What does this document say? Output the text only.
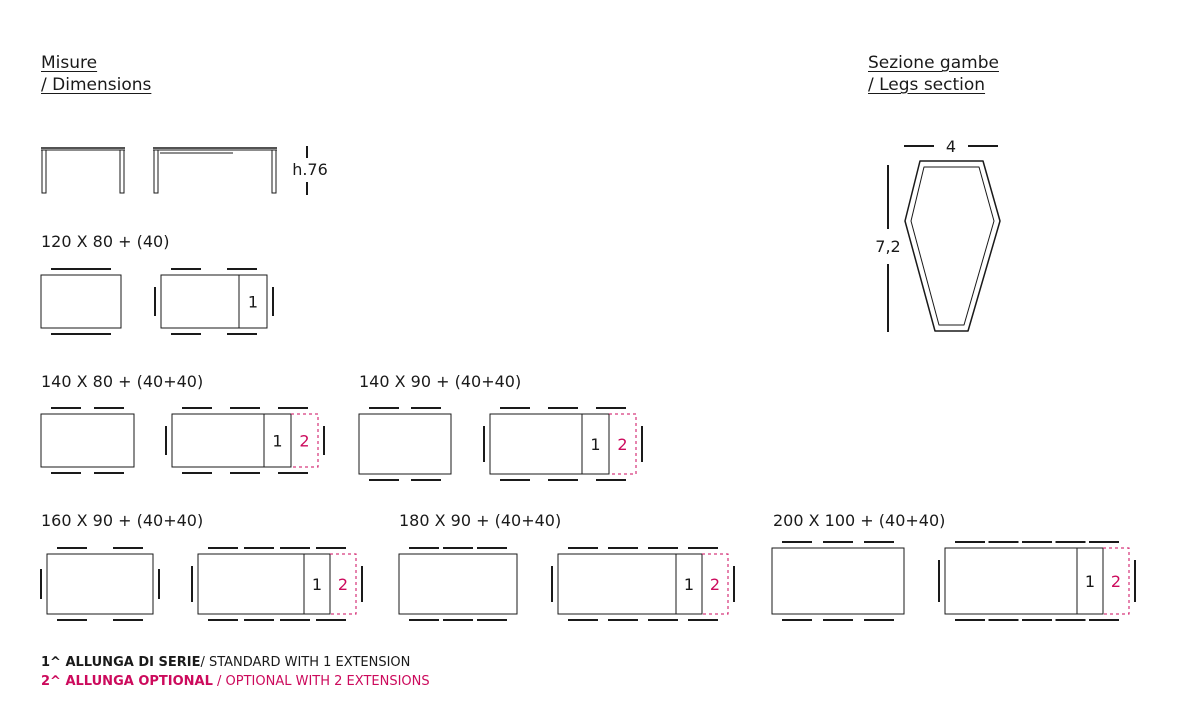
Misure
/ Dimensions
Sezione gambe
/ Legs section
120 X 80 + (40)
140 X 80 + (40+40)	140 X 90 + (40+40)
160 X 90 + (40+40)	180 X 90 + (40+40)	200 X 100 + (40+40)
h.76
4
7,2
1
1 2	1 2
1 2	1 2	1 2
1^ ALLUNGA DI SERIE/ STANDARD WITH 1 EXTENSION
2^ ALLUNGA OPTIONAL / OPTIONAL WITH 2 EXTENSIONS
